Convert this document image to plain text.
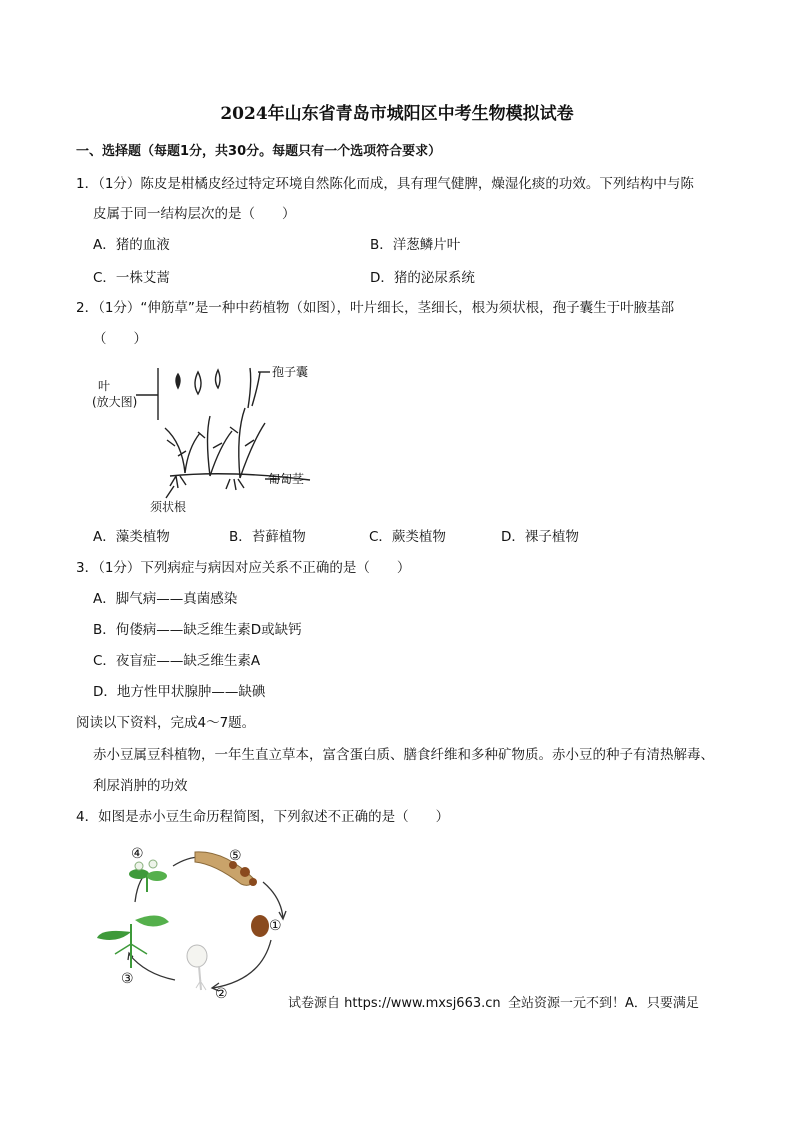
2024年山东省青岛市城阳区中考生物模拟试卷
一、选择题（每题1分，共30分。每题只有一个选项符合要求）
1．（1分）陈皮是柑橘皮经过特定环境自然陈化而成，具有理气健脾，燥湿化痰的功效。下列结构中与陈
皮属于同一结构层次的是（　　）
A．猪的血液	B．洋葱鳞片叶
C．一株艾蒿	D．猪的泌尿系统
2．（1分）“伸筋草”是一种中药植物（如图），叶片细长，茎细长，根为须状根，孢子囊生于叶腋基部
（　　）
叶
(放大图)
孢子囊
匍匐茎
须状根
A．藻类植物	B．苔藓植物	C．蕨类植物	D．裸子植物
3．（1分）下列病症与病因对应关系不正确的是（　　）
A．脚气病——真菌感染
B．佝偻病——缺乏维生素D或缺钙
C．夜盲症——缺乏维生素A
D．地方性甲状腺肿——缺碘
阅读以下资料，完成4～7题。
赤小豆属豆科植物，一年生直立草本，富含蛋白质、膳食纤维和多种矿物质。赤小豆的种子有清热解毒、
利尿消肿的功效
4．如图是赤小豆生命历程简图，下列叙述不正确的是（　　）
①
②
③
④	⑤
试卷源自 https://www.mxsj663.cn 全站资源一元不到！A．只要满足
